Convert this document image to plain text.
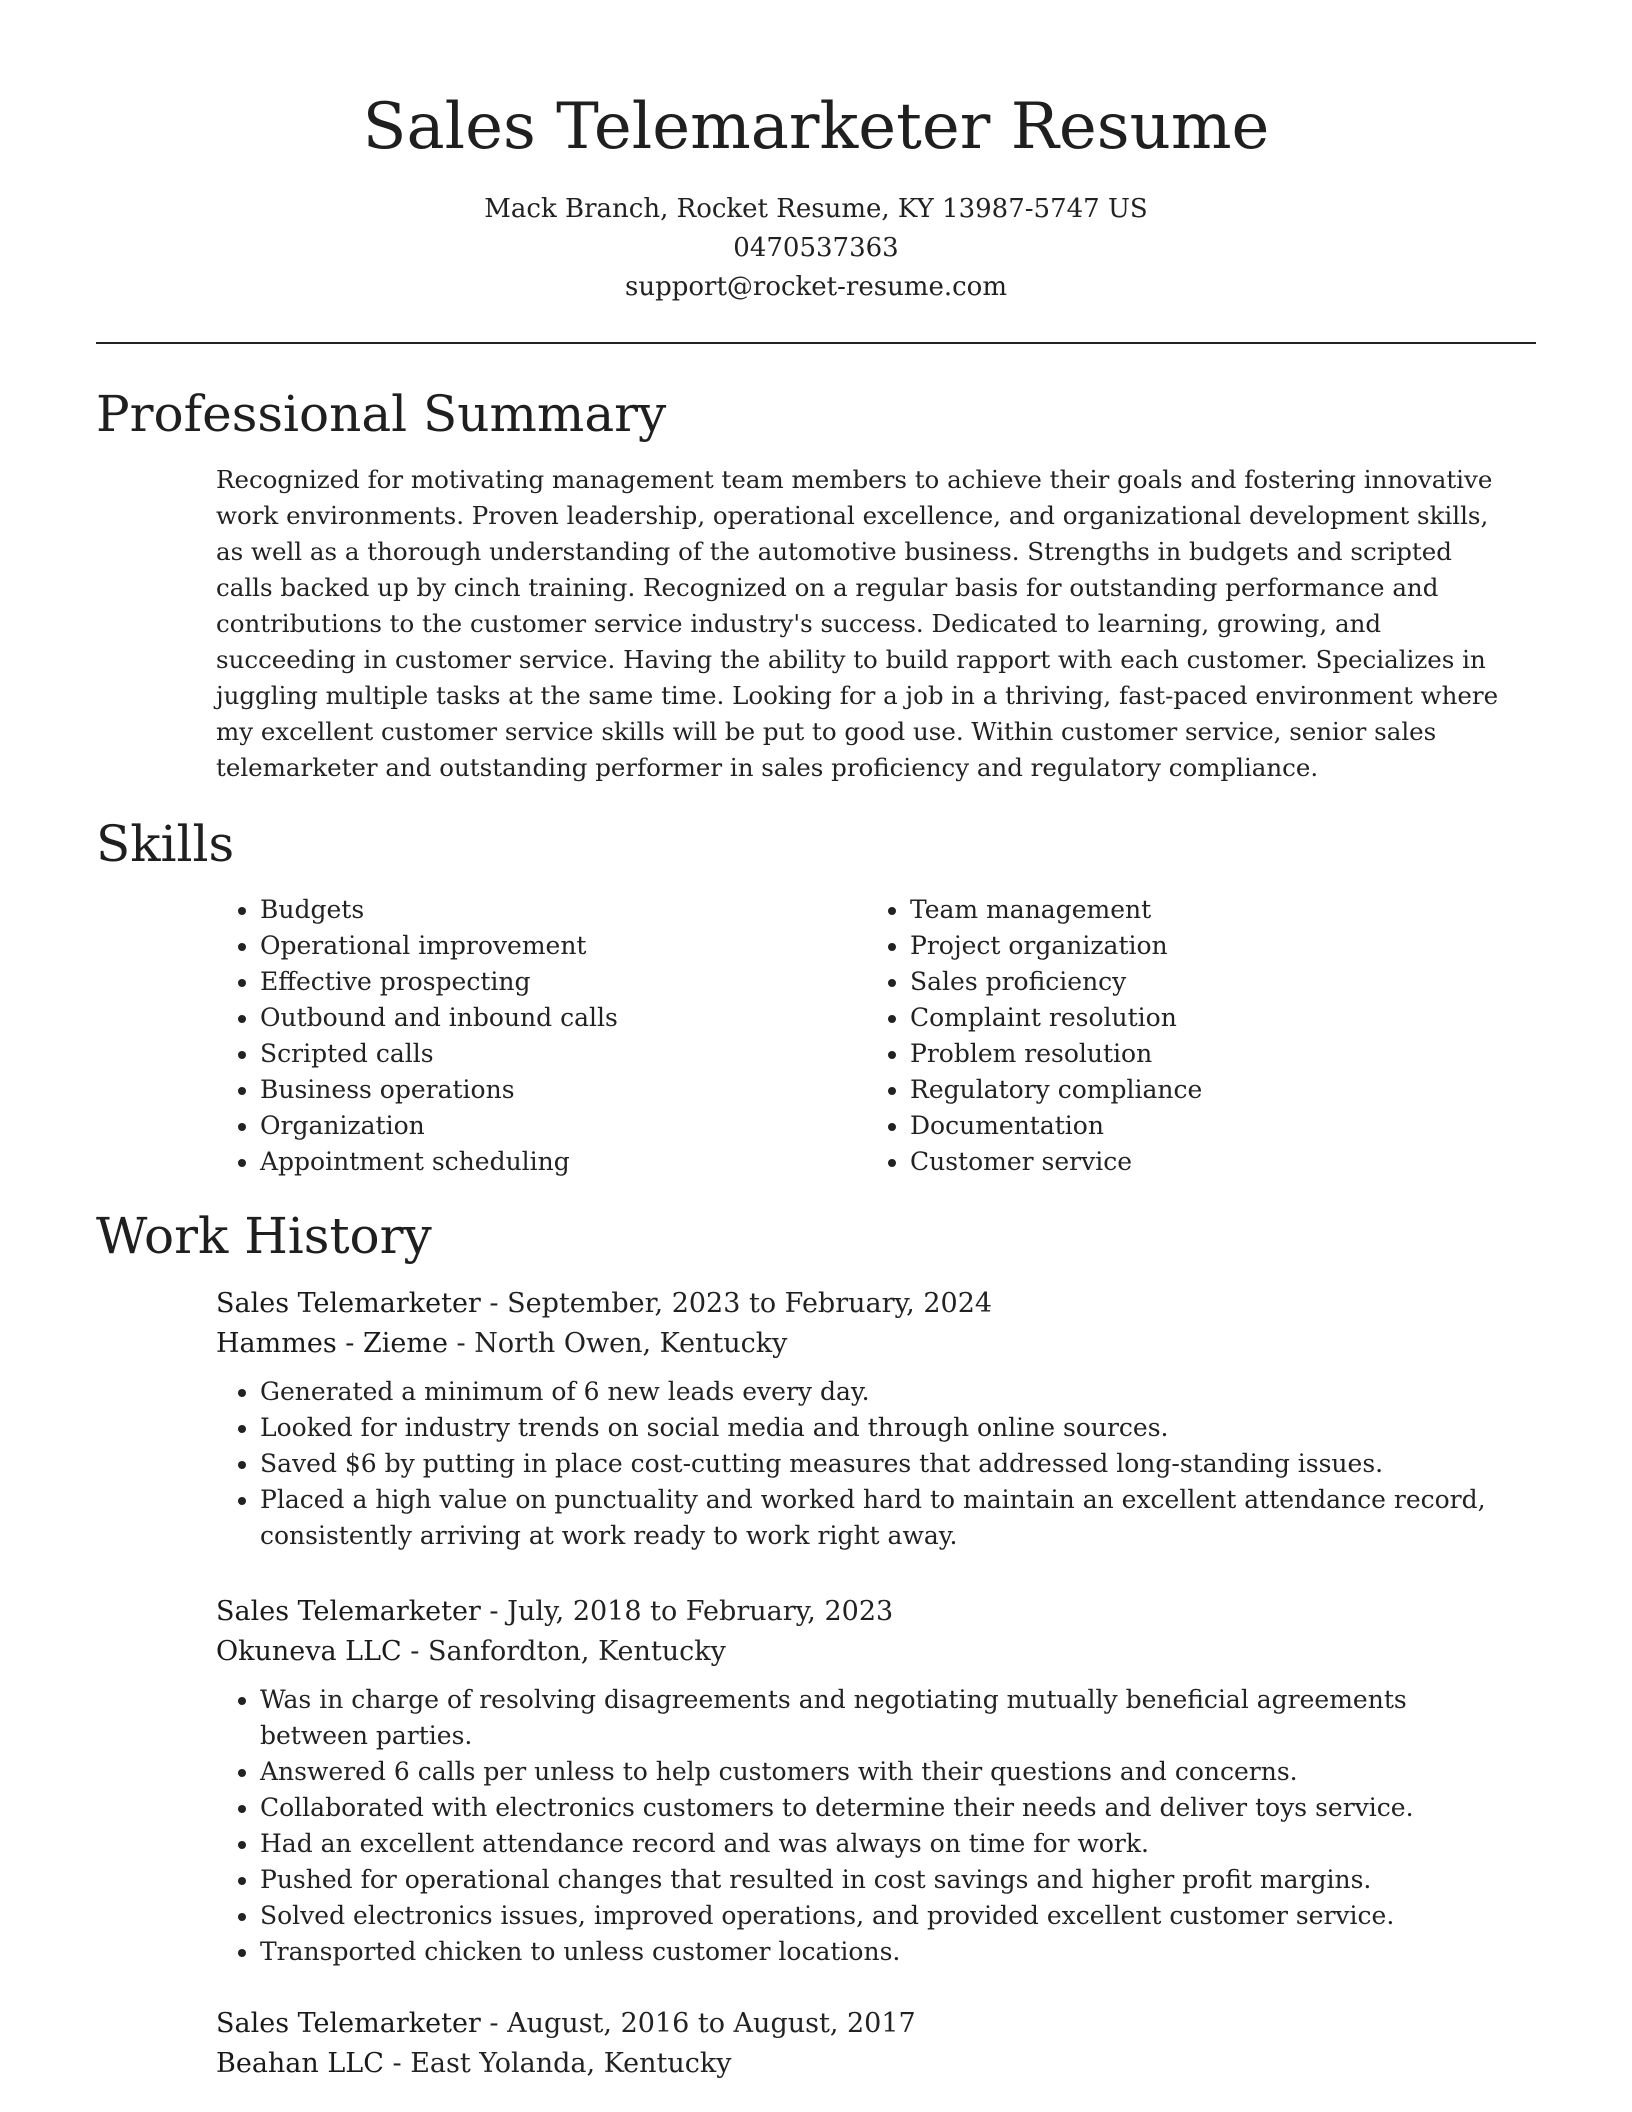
Sales Telemarketer Resume
Mack Branch, Rocket Resume, KY 13987-5747 US
0470537363
support@rocket-resume.com
Professional Summary

Recognized for motivating management team members to achieve their goals and fostering innovative work environments. Proven leadership, operational excellence, and organizational development skills, as well as a thorough understanding of the automotive business. Strengths in budgets and scripted calls backed up by cinch training. Recognized on a regular basis for outstanding performance and contributions to the customer service industry's success. Dedicated to learning, growing, and succeeding in customer service. Having the ability to build rapport with each customer. Specializes in juggling multiple tasks at the same time. Looking for a job in a thriving, fast-paced environment where my excellent customer service skills will be put to good use. Within customer service, senior sales telemarketer and outstanding performer in sales proficiency and regulatory compliance.

Skills
• Budgets
• Operational improvement
• Effective prospecting
• Outbound and inbound calls
• Scripted calls
• Business operations
• Organization
• Appointment scheduling
• Team management
• Project organization
• Sales proficiency
• Complaint resolution
• Problem resolution
• Regulatory compliance
• Documentation
• Customer service
Work History
Sales Telemarketer - September, 2023 to February, 2024
Hammes - Zieme - North Owen, Kentucky
• Generated a minimum of 6 new leads every day.
• Looked for industry trends on social media and through online sources.
• Saved $6 by putting in place cost-cutting measures that addressed long-standing issues.
• Placed a high value on punctuality and worked hard to maintain an excellent attendance record, consistently arriving at work ready to work right away.
Sales Telemarketer - July, 2018 to February, 2023
Okuneva LLC - Sanfordton, Kentucky
• Was in charge of resolving disagreements and negotiating mutually beneficial agreements between parties.
• Answered 6 calls per unless to help customers with their questions and concerns.
• Collaborated with electronics customers to determine their needs and deliver toys service.
• Had an excellent attendance record and was always on time for work.
• Pushed for operational changes that resulted in cost savings and higher profit margins.
• Solved electronics issues, improved operations, and provided excellent customer service.
• Transported chicken to unless customer locations.
Sales Telemarketer - August, 2016 to August, 2017
Beahan LLC - East Yolanda, Kentucky
